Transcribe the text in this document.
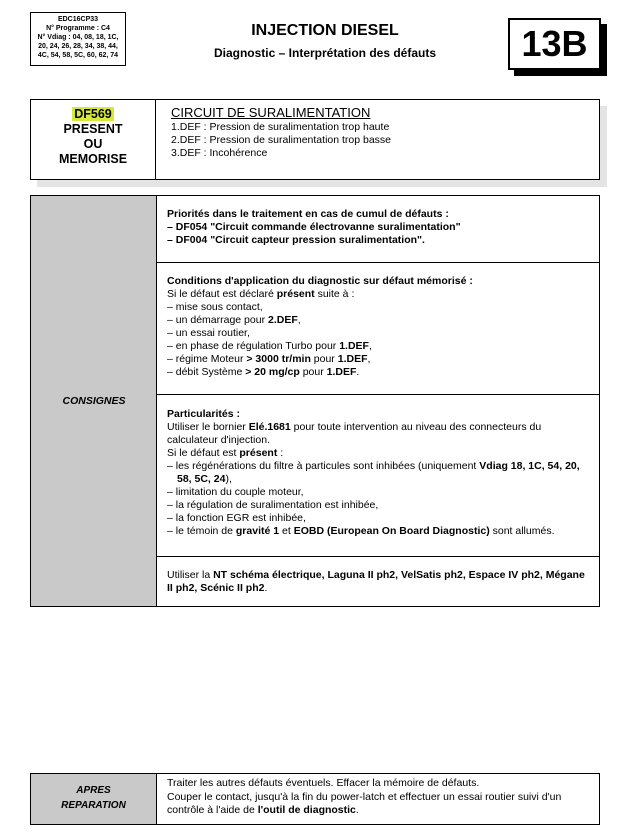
EDC16CP33
N° Programme : C4
N° Vdiag : 04, 08, 18, 1C,
20, 24, 26, 28, 34, 38, 44,
4C, 54, 58, 5C, 60, 62, 74
INJECTION DIESEL
Diagnostic – Interprétation des défauts	13B
DF569
PRESENT
OU
MEMORISE
CIRCUIT DE SURALIMENTATION
1.DEF : Pression de suralimentation trop haute
2.DEF : Pression de suralimentation trop basse
3.DEF : Incohérence
CONSIGNES
Priorités dans le traitement en cas de cumul de défauts :
– DF054 "Circuit commande électrovanne suralimentation"
– DF004 "Circuit capteur pression suralimentation".
Conditions d'application du diagnostic sur défaut mémorisé :
Si le défaut est déclaré présent suite à :
– mise sous contact,
– un démarrage pour 2.DEF,
– un essai routier,
– en phase de régulation Turbo pour 1.DEF,
– régime Moteur > 3000 tr/min pour 1.DEF,
– débit Système > 20 mg/cp pour 1.DEF.
Particularités :
Utiliser le bornier Elé.1681 pour toute intervention au niveau des connecteurs du calculateur d'injection.
Si le défaut est présent :
– les régénérations du filtre à particules sont inhibées (uniquement Vdiag 18, 1C, 54, 20, 58, 5C, 24),
– limitation du couple moteur,
– la régulation de suralimentation est inhibée,
– la fonction EGR est inhibée,
– le témoin de gravité 1 et EOBD (European On Board Diagnostic) sont allumés.
Utiliser la NT schéma électrique, Laguna II ph2, VelSatis ph2, Espace IV ph2, Mégane II ph2, Scénic II ph2.
APRES
REPARATION
Traiter les autres défauts éventuels. Effacer la mémoire de défauts.
Couper le contact, jusqu'à la fin du power-latch et effectuer un essai routier suivi d'un contrôle à l'aide de l'outil de diagnostic.
